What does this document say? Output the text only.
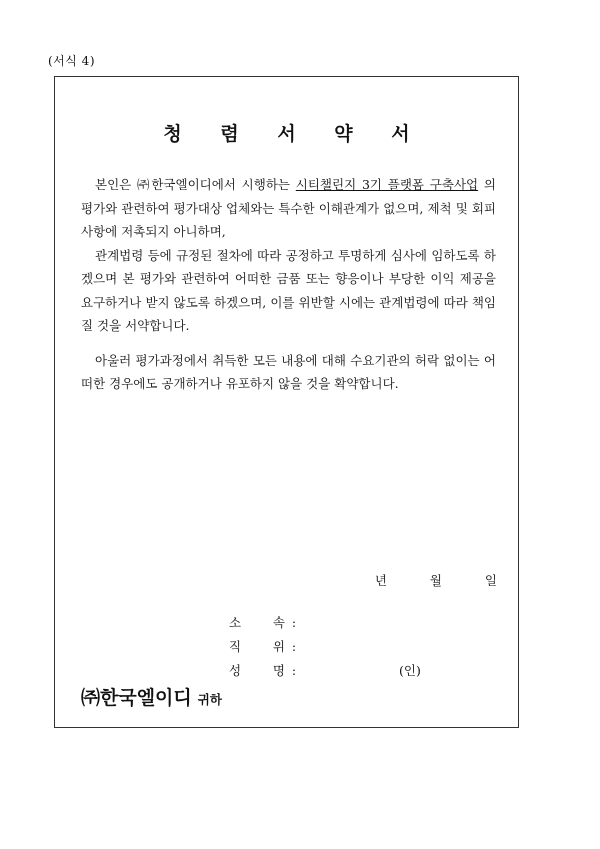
(서식 4)
청 렴 서 약 서

본인은 ㈜한국엘이디에서 시행하는 시티챌린지 3기 플랫폼 구축사업 의 평가와 관련하여 평가대상 업체와는 특수한 이해관계가 없으며, 제척 및 회피 사항에 저촉되지 아니하며,

관계법령 등에 규정된 절차에 따라 공정하고 투명하게 심사에 임하도록 하겠으며 본 평가와 관련하여 어떠한 금품 또는 향응이나 부당한 이익 제공을 요구하거나 받지 않도록 하겠으며, 이를 위반할 시에는 관계법령에 따라 책임질 것을 서약합니다.

아울러 평가과정에서 취득한 모든 내용에 대해 수요기관의 허락 없이는 어떠한 경우에도 공개하거나 유포하지 않을 것을 확약합니다.

년	월	일
소	속 :
직	위 :
성	명 :	(인)
㈜한국엘이디 귀하
